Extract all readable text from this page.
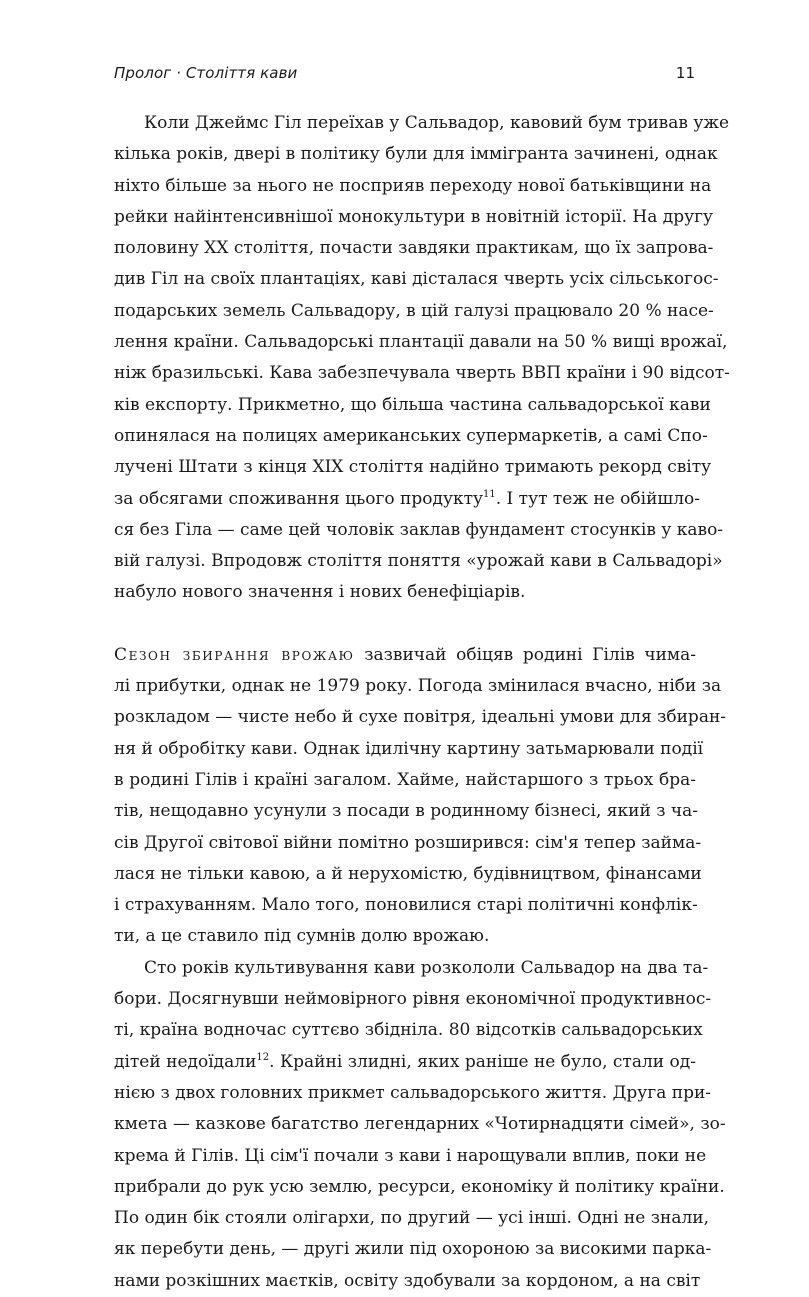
Пролог · Століття кави	11
Коли Джеймс Гіл переїхав у Сальвадор, кавовий бум тривав уже
кілька років, двері в політику були для іммігранта зачинені, однак
ніхто більше за нього не посприяв переходу нової батьківщини на
рейки найінтенсивнішої монокультури в новітній історії. На другу
половину XX століття, почасти завдяки практикам, що їх запрова-
див Гіл на своїх плантаціях, каві дісталася чверть усіх сільськогос-
подарських земель Сальвадору, в цій галузі працювало 20 % насе-
лення країни. Сальвадорські плантації давали на 50 % вищі врожаї,
ніж бразильські. Кава забезпечувала чверть ВВП країни і 90 відсот-
ків експорту. Прикметно, що більша частина сальвадорської кави
опинялася на полицях американських супермаркетів, а самі Спо-
лучені Штати з кінця XIX століття надійно тримають рекорд світу
за обсягами споживання цього продукту$^{11}$. І тут теж не обійшло-
ся без Гіла — саме цей чоловік заклав фундамент стосунків у каво-
вій галузі. Впродовж століття поняття «урожай кави в Сальвадорі»
набуло нового значення і нових бенефіціарів.
Сезон збирання врожаю зазвичай обіцяв родині Гілів чима-
лі прибутки, однак не 1979 року. Погода змінилася вчасно, ніби за
розкладом — чисте небо й сухе повітря, ідеальні умови для збиран-
ня й обробітку кави. Однак ідилічну картину затьмарювали події
в родині Гілів і країні загалом. Хайме, найстаршого з трьох бра-
тів, нещодавно усунули з посади в родинному бізнесі, який з ча-
сів Другої світової війни помітно розширився: сім'я тепер займа-
лася не тільки кавою, а й нерухомістю, будівництвом, фінансами
і страхуванням. Мало того, поновилися старі політичні конфлік-
ти, а це ставило під сумнів долю врожаю.
Сто років культивування кави розкололи Сальвадор на два та-
бори. Досягнувши неймовірного рівня економічної продуктивнос-
ті, країна водночас суттєво збідніла. 80 відсотків сальвадорських
дітей недоїдали$^{12}$. Крайні злидні, яких раніше не було, стали од-
нією з двох головних прикмет сальвадорського життя. Друга при-
кмета — казкове багатство легендарних «Чотирнадцяти сімей», зо-
крема й Гілів. Ці сім'ї почали з кави і нарощували вплив, поки не
прибрали до рук усю землю, ресурси, економіку й політику країни.
По один бік стояли олігархи, по другий — усі інші. Одні не знали,
як перебути день, — другі жили під охороною за високими парка-
нами розкішних маєтків, освіту здобували за кордоном, а на світ
